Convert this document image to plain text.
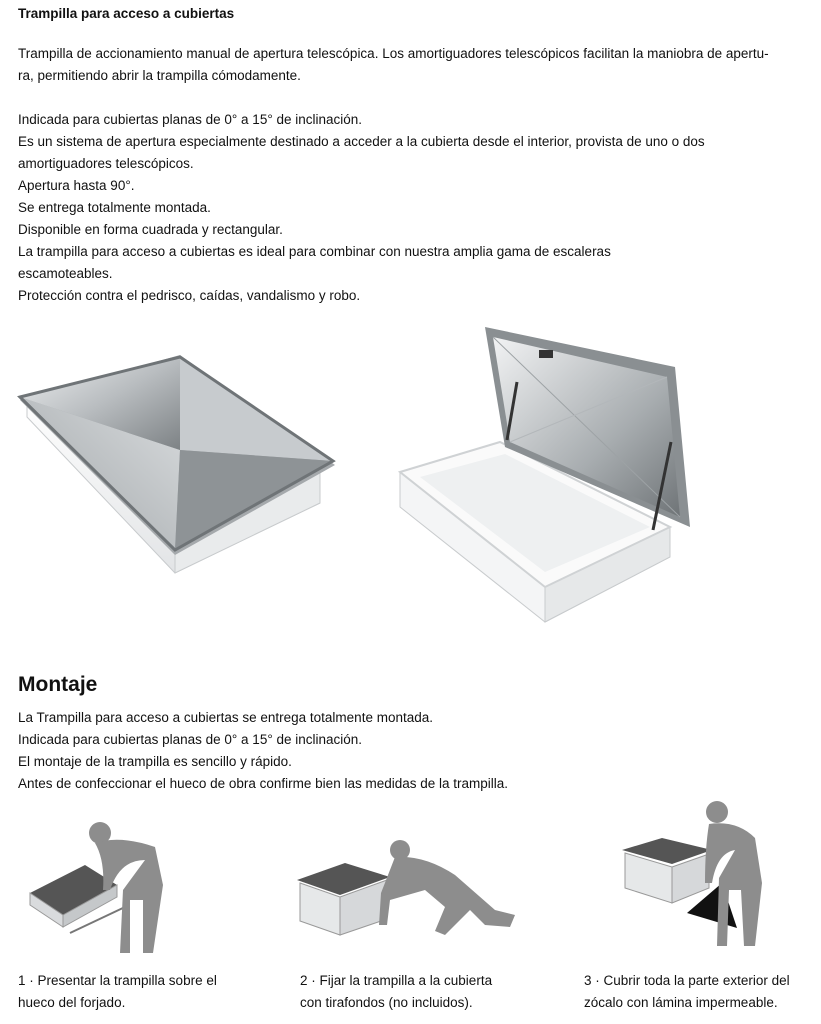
Trampilla para acceso a cubiertas
Trampilla de accionamiento manual de apertura telescópica. Los amortiguadores telescópicos facilitan la maniobra de apertu-
ra, permitiendo abrir la trampilla cómodamente.
Indicada para cubiertas planas de 0° a 15° de inclinación.
Es un sistema de apertura especialmente destinado a acceder a la cubierta desde el interior, provista de uno o dos
amortiguadores telescópicos.
Apertura hasta 90°.
Se entrega totalmente montada.
Disponible en forma cuadrada y rectangular.
La trampilla para acceso a cubiertas es ideal para combinar con nuestra amplia gama de escaleras
escamoteables.
Protección contra el pedrisco, caídas, vandalismo y robo.
Montaje
La Trampilla para acceso a cubiertas se entrega totalmente montada.
Indicada para cubiertas planas de 0° a 15° de inclinación.
El montaje de la trampilla es sencillo y rápido.
Antes de confeccionar el hueco de obra confirme bien las medidas de la trampilla.
1 · Presentar la trampilla sobre el
hueco del forjado.
2 · Fijar la trampilla a la cubierta
con tirafondos (no incluidos).
3 · Cubrir toda la parte exterior del
zócalo con lámina impermeable.
